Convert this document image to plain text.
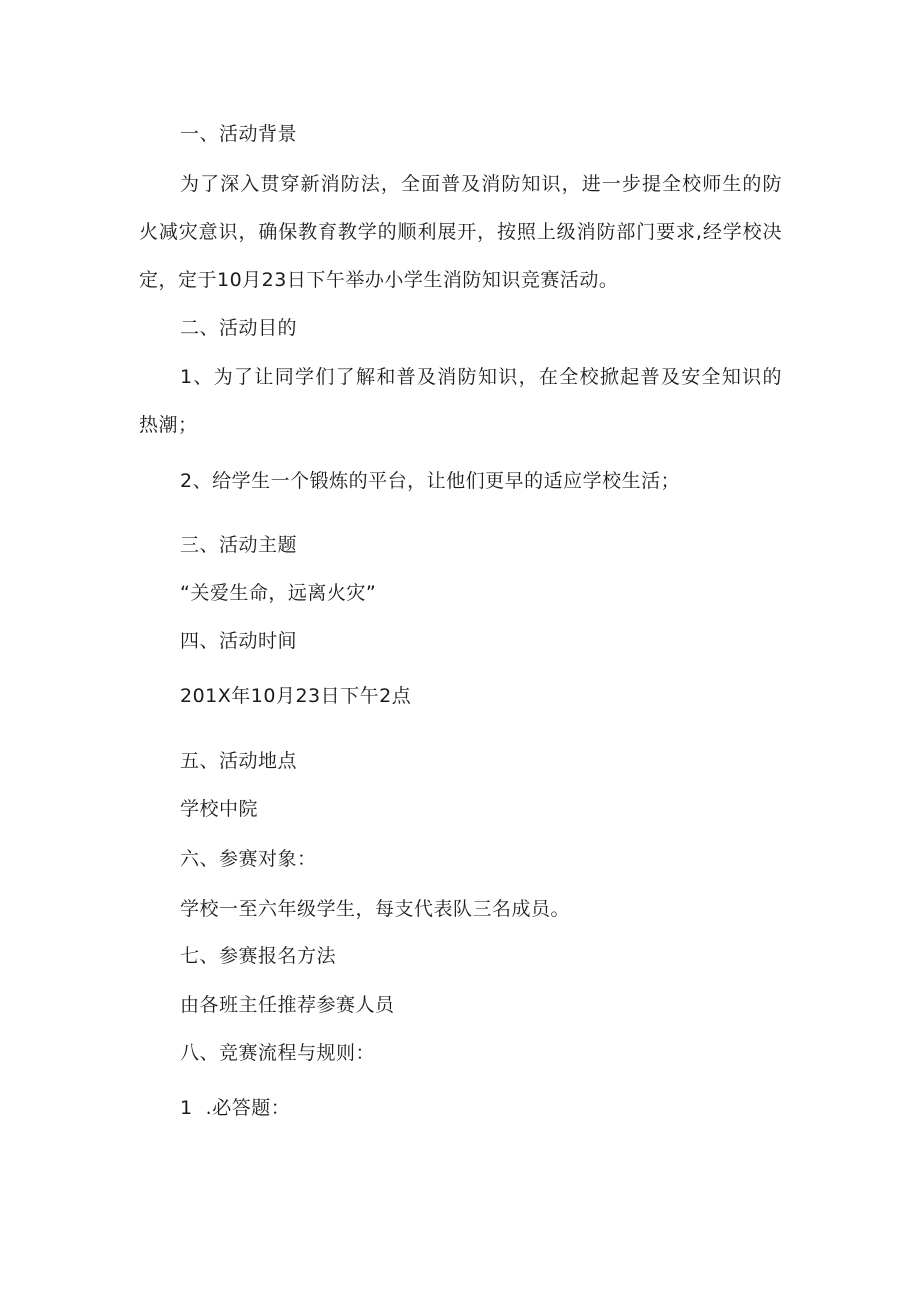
一、活动背景

为了深入贯穿新消防法，全面普及消防知识，进一步提全校师生的防

火减灾意识，确保教育教学的顺利展开，按照上级消防部门要求,经学校决

定，定于10月23日下午举办小学生消防知识竞赛活动。

二、活动目的

1、为了让同学们了解和普及消防知识，在全校掀起普及安全知识的

热潮；

2、给学生一个锻炼的平台，让他们更早的适应学校生活；

三、活动主题

“关爱生命，远离火灾”

四、活动时间

201X年10月23日下午2点

五、活动地点

学校中院

六、参赛对象：

学校一至六年级学生，每支代表队三名成员。

七、参赛报名方法

由各班主任推荐参赛人员

八、竞赛流程与规则：

1  .必答题：
